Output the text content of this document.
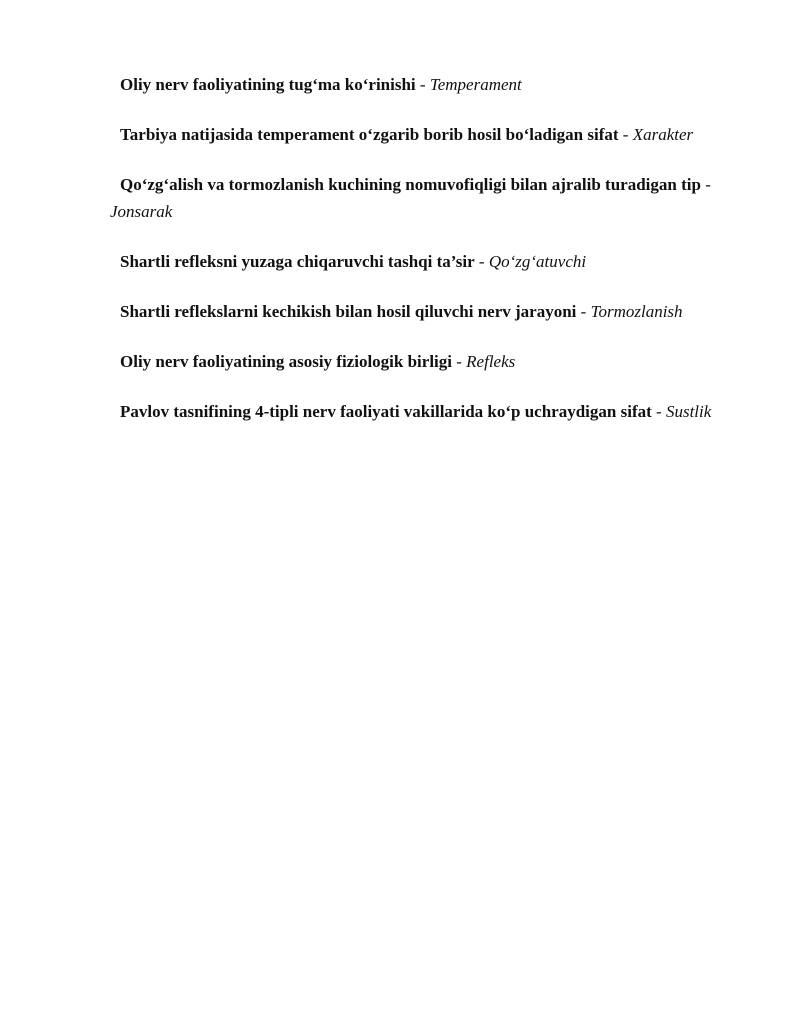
Oliy nerv faoliyatining tug‘ma ko‘rinishi - Temperament

Tarbiya natijasida temperament o‘zgarib borib hosil bo‘ladigan sifat - Xarakter

Qo‘zg‘alish va tormozlanish kuchining nomuvofiqligi bilan ajralib turadigan tip - Jonsarak

Shartli refleksni yuzaga chiqaruvchi tashqi ta’sir - Qo‘zg‘atuvchi

Shartli reflekslarni kechikish bilan hosil qiluvchi nerv jarayoni - Tormozlanish

Oliy nerv faoliyatining asosiy fiziologik birligi - Refleks

Pavlov tasnifining 4-tipli nerv faoliyati vakillarida ko‘p uchraydigan sifat - Sustlik
